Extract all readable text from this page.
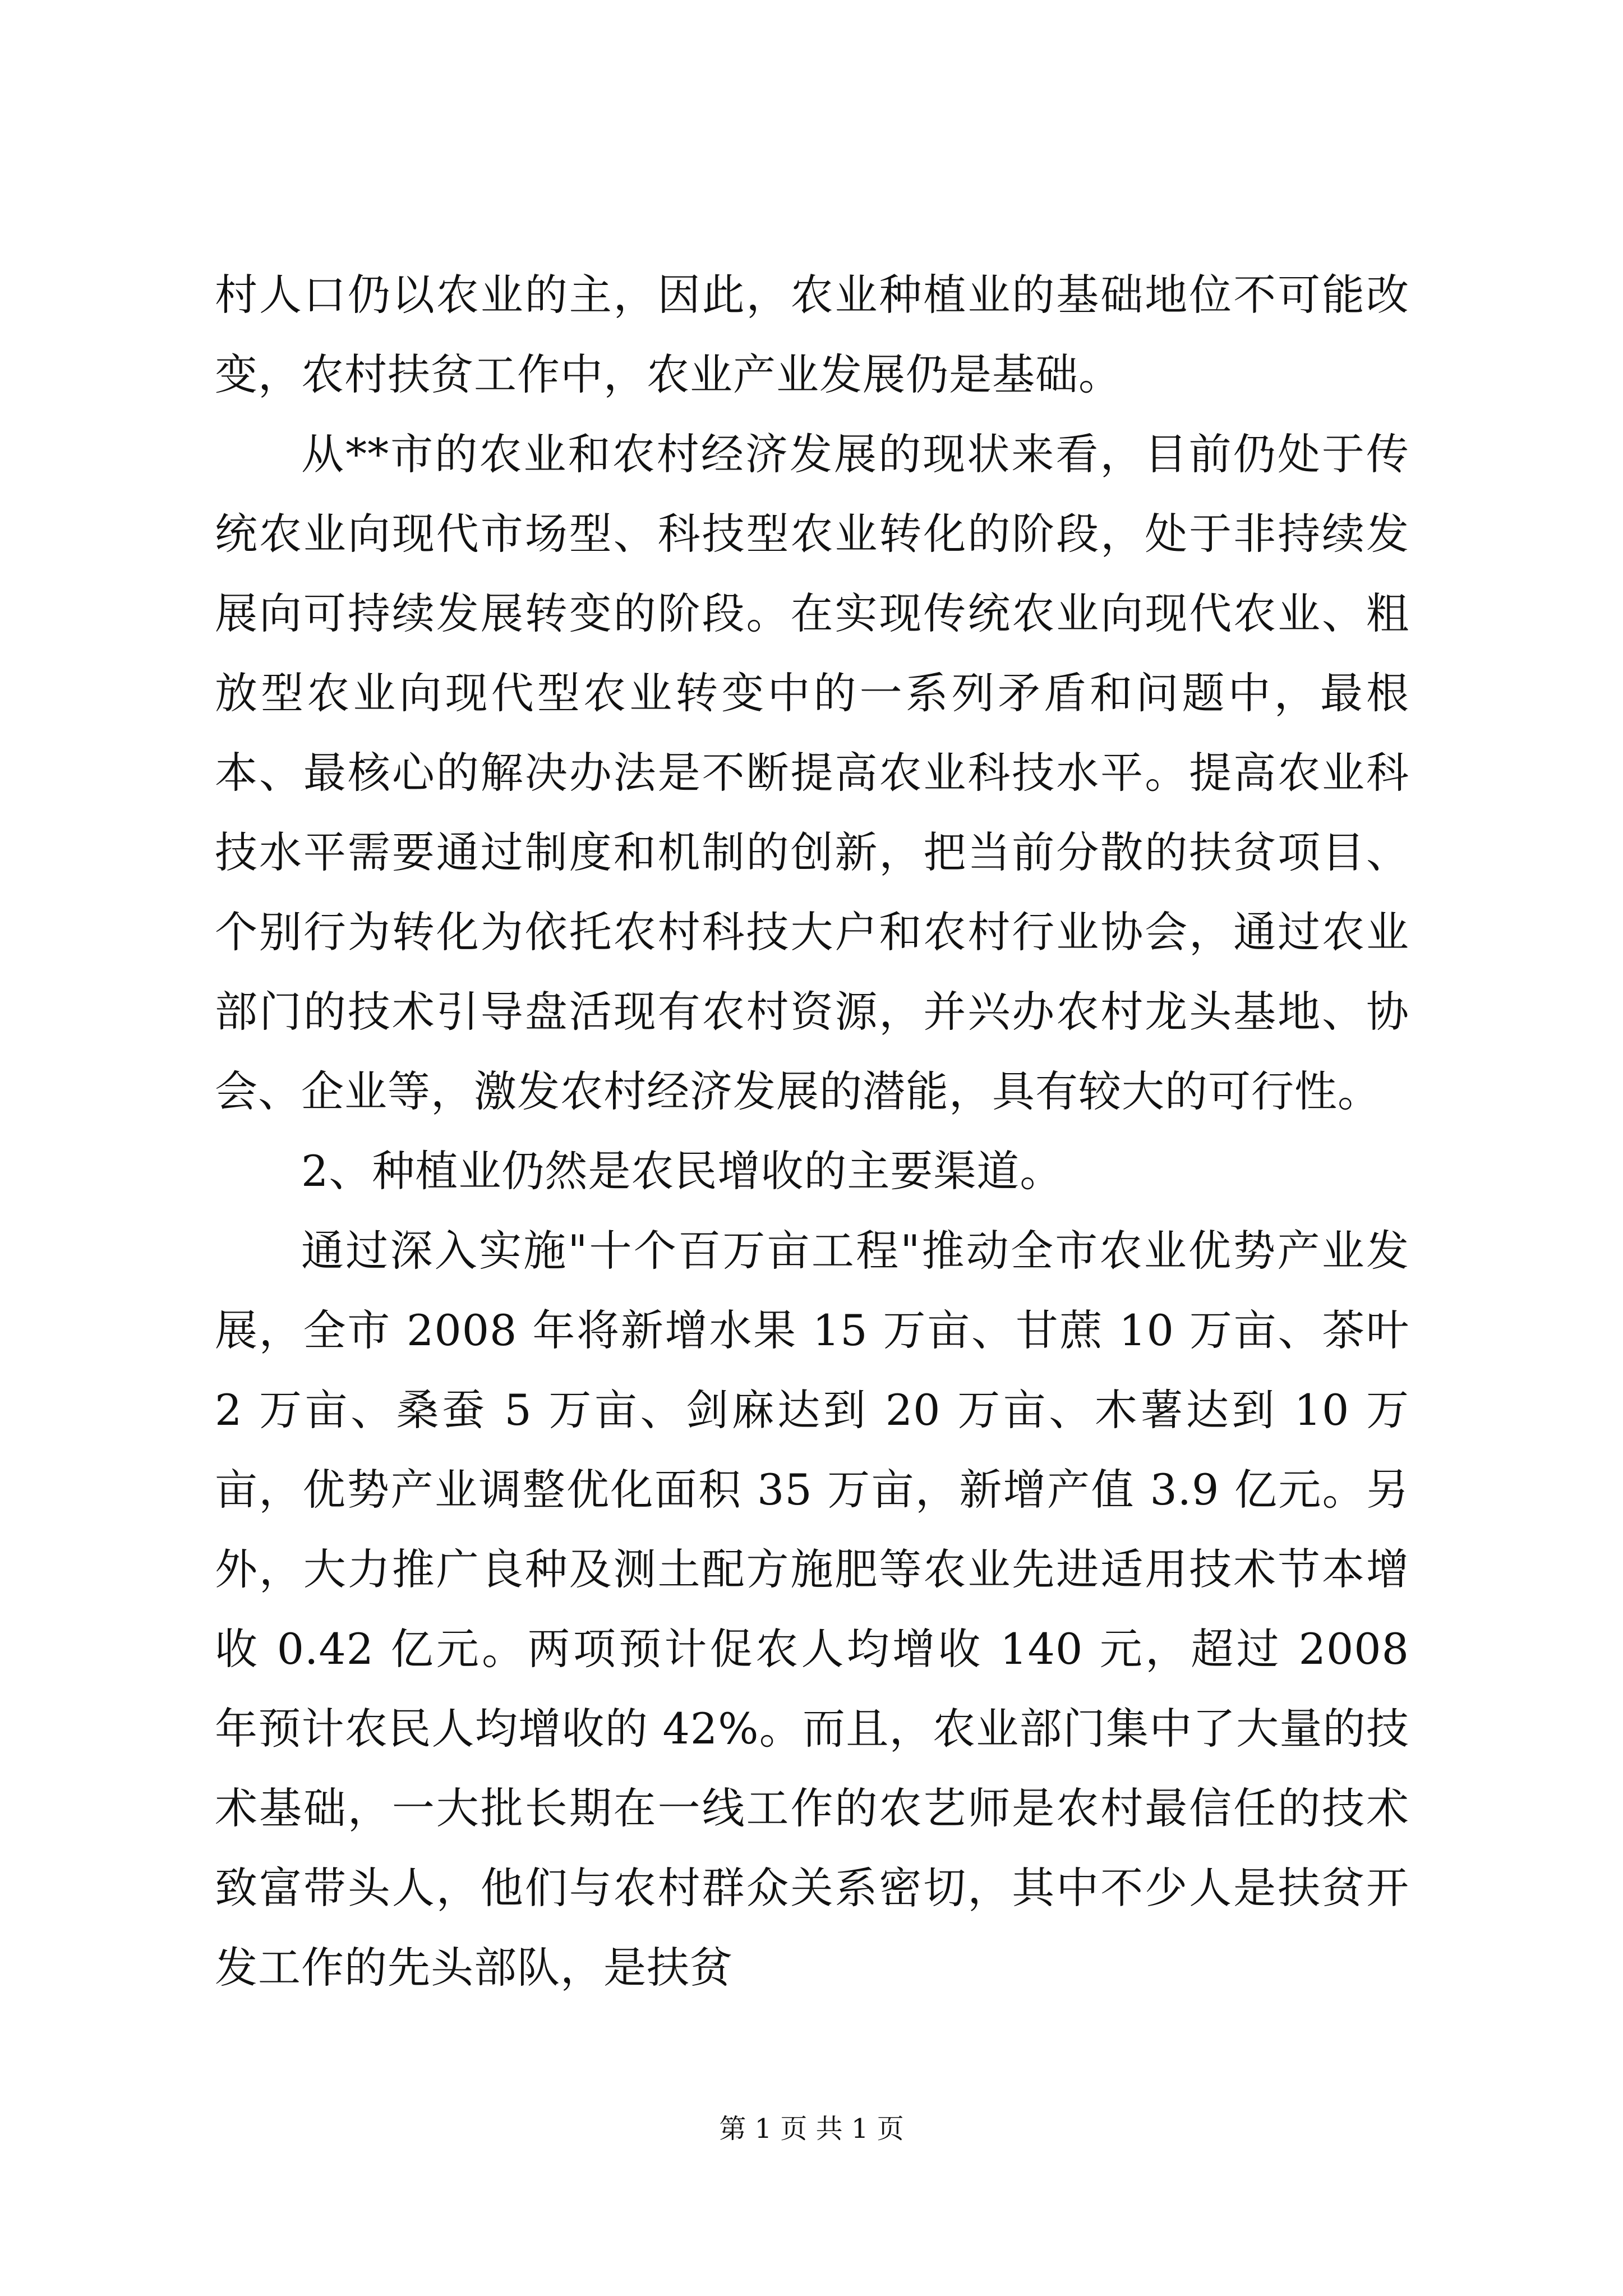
村人口仍以农业的主，因此，农业种植业的基础地位不可能改变，农村扶贫工作中，农业产业发展仍是基础。

从**市的农业和农村经济发展的现状来看，目前仍处于传统农业向现代市场型、科技型农业转化的阶段，处于非持续发展向可持续发展转变的阶段。在实现传统农业向现代农业、粗放型农业向现代型农业转变中的一系列矛盾和问题中，最根本、最核心的解决办法是不断提高农业科技水平。提高农业科技水平需要通过制度和机制的创新，把当前分散的扶贫项目、个别行为转化为依托农村科技大户和农村行业协会，通过农业部门的技术引导盘活现有农村资源，并兴办农村龙头基地、协会、企业等，激发农村经济发展的潜能，具有较大的可行性。

2、种植业仍然是农民增收的主要渠道。

通过深入实施"十个百万亩工程"推动全市农业优势产业发展，全市 2008 年将新增水果 15 万亩、甘蔗 10 万亩、茶叶 2 万亩、桑蚕 5 万亩、剑麻达到 20 万亩、木薯达到 10 万亩，优势产业调整优化面积 35 万亩，新增产值 3.9 亿元。另外，大力推广良种及测土配方施肥等农业先进适用技术节本增收 0.42 亿元。两项预计促农人均增收 140 元，超过 2008 年预计农民人均增收的 42%。而且，农业部门集中了大量的技术基础，一大批长期在一线工作的农艺师是农村最信任的技术致富带头人，他们与农村群众关系密切，其中不少人是扶贫开发工作的先头部队，是扶贫

第 1 页 共 1 页
